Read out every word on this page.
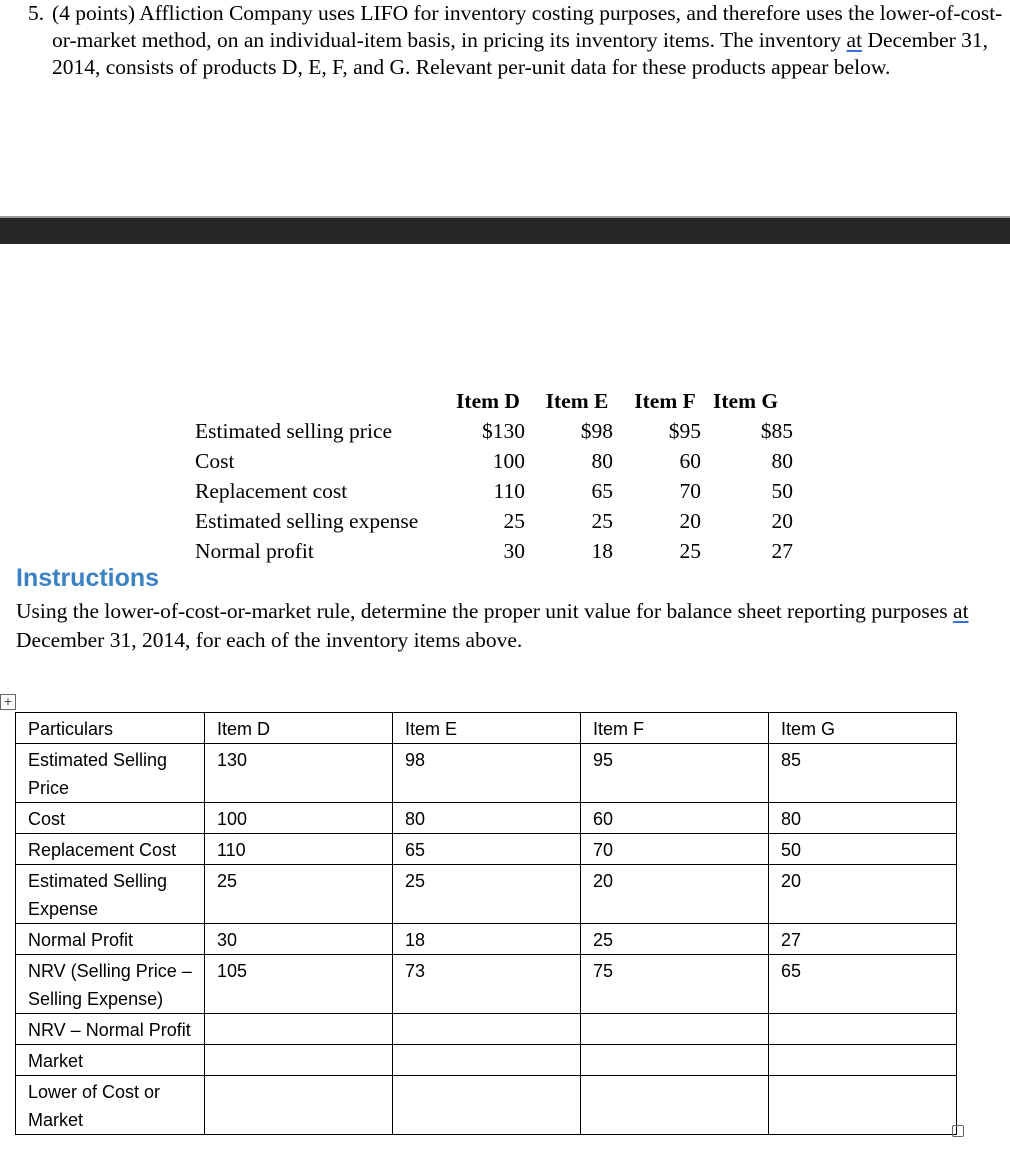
5. (4 points) Affliction Company uses LIFO for inventory costing purposes, and therefore uses the lower-of-cost-or-market method, on an individual-item basis, in pricing its inventory items. The inventory at December 31, 2014, consists of products D, E, F, and G. Relevant per-unit data for these products appear below.
	Item D	Item E	Item F	Item G
Estimated selling price	$130	$98	$95	$85
Cost	100	80	60	80
Replacement cost	110	65	70	50
Estimated selling expense	25	25	20	20
Normal profit	30	18	25	27
Instructions
Using the lower-of-cost-or-market rule, determine the proper unit value for balance sheet reporting purposes at December 31, 2014, for each of the inventory items above.
+
Particulars	Item D	Item E	Item F	Item G
Estimated Selling Price	130	98	95	85
Cost	100	80	60	80
Replacement Cost	110	65	70	50
Estimated Selling Expense	25	25	20	20
Normal Profit	30	18	25	27
NRV (Selling Price – Selling Expense)	105	73	75	65
NRV – Normal Profit				
Market				
Lower of Cost or Market				
